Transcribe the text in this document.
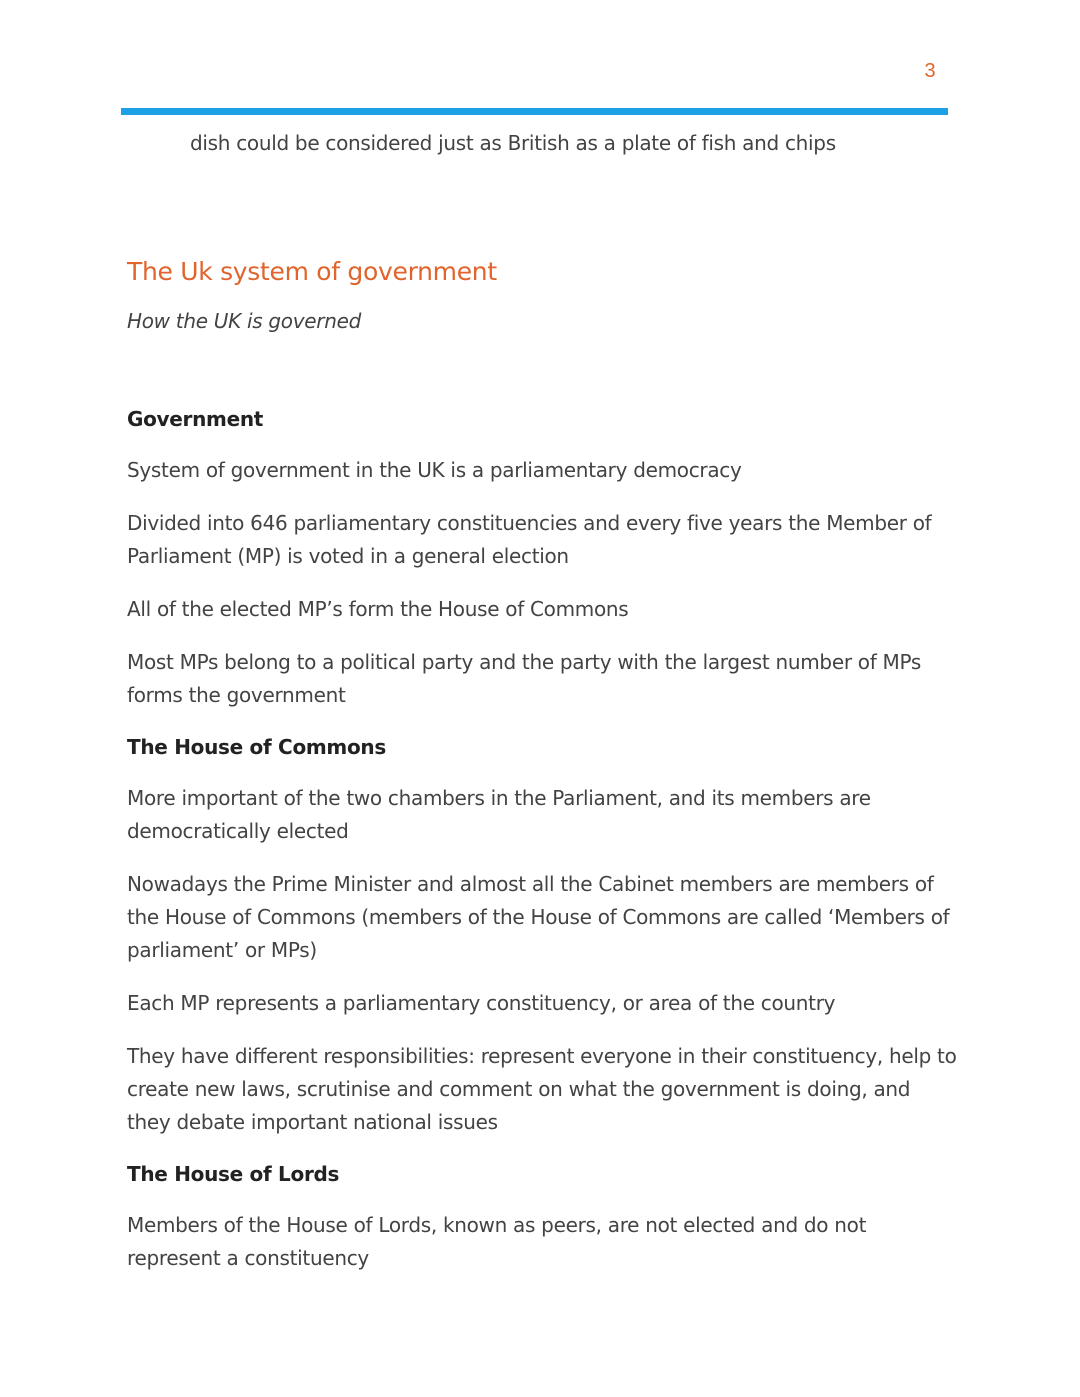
3
dish could be considered just as British as a plate of fish and chips
The Uk system of government

How the UK is governed

Government

System of government in the UK is a parliamentary democracy

Divided into 646 parliamentary constituencies and every five years the Member of Parliament (MP) is voted in a general election

All of the elected MP’s form the House of Commons

Most MPs belong to a political party and the party with the largest number of MPs forms the government

The House of Commons

More important of the two chambers in the Parliament, and its members are democratically elected

Nowadays the Prime Minister and almost all the Cabinet members are members of the House of Commons (members of the House of Commons are called ‘Members of parliament’ or MPs)

Each MP represents a parliamentary constituency, or area of the country

They have different responsibilities: represent everyone in their constituency, help to create new laws, scrutinise and comment on what the government is doing, and they debate important national issues

The House of Lords

Members of the House of Lords, known as peers, are not elected and do not represent a constituency
